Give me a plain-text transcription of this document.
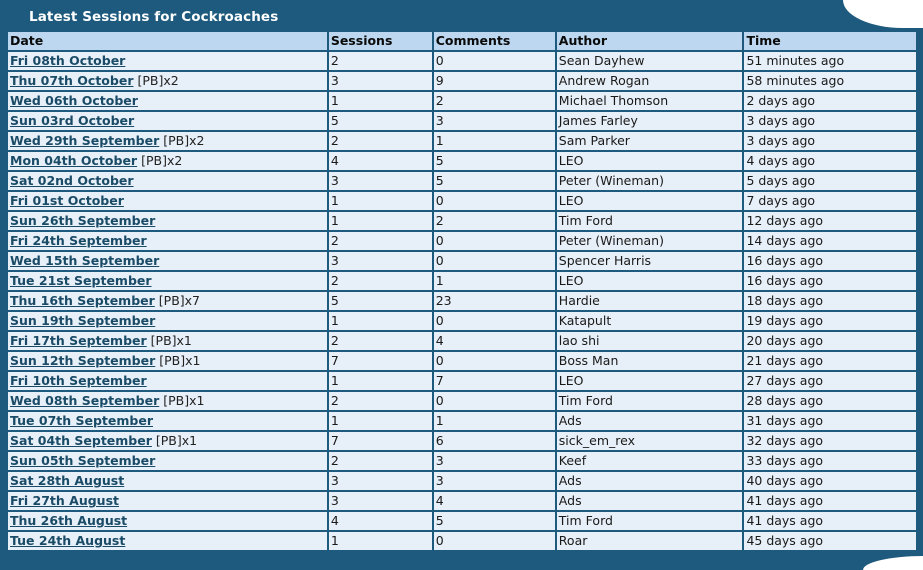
Latest Sessions for Cockroaches
Date	Sessions	Comments	Author	Time
Fri 08th October	2	0	Sean Dayhew	51 minutes ago
Thu 07th October [PB]x2	3	9	Andrew Rogan	58 minutes ago
Wed 06th October	1	2	Michael Thomson	2 days ago
Sun 03rd October	5	3	James Farley	3 days ago
Wed 29th September [PB]x2	2	1	Sam Parker	3 days ago
Mon 04th October [PB]x2	4	5	LEO	4 days ago
Sat 02nd October	3	5	Peter (Wineman)	5 days ago
Fri 01st October	1	0	LEO	7 days ago
Sun 26th September	1	2	Tim Ford	12 days ago
Fri 24th September	2	0	Peter (Wineman)	14 days ago
Wed 15th September	3	0	Spencer Harris	16 days ago
Tue 21st September	2	1	LEO	16 days ago
Thu 16th September [PB]x7	5	23	Hardie	18 days ago
Sun 19th September	1	0	Katapult	19 days ago
Fri 17th September [PB]x1	2	4	lao shi	20 days ago
Sun 12th September [PB]x1	7	0	Boss Man	21 days ago
Fri 10th September	1	7	LEO	27 days ago
Wed 08th September [PB]x1	2	0	Tim Ford	28 days ago
Tue 07th September	1	1	Ads	31 days ago
Sat 04th September [PB]x1	7	6	sick_em_rex	32 days ago
Sun 05th September	2	3	Keef	33 days ago
Sat 28th August	3	3	Ads	40 days ago
Fri 27th August	3	4	Ads	41 days ago
Thu 26th August	4	5	Tim Ford	41 days ago
Tue 24th August	1	0	Roar	45 days ago
